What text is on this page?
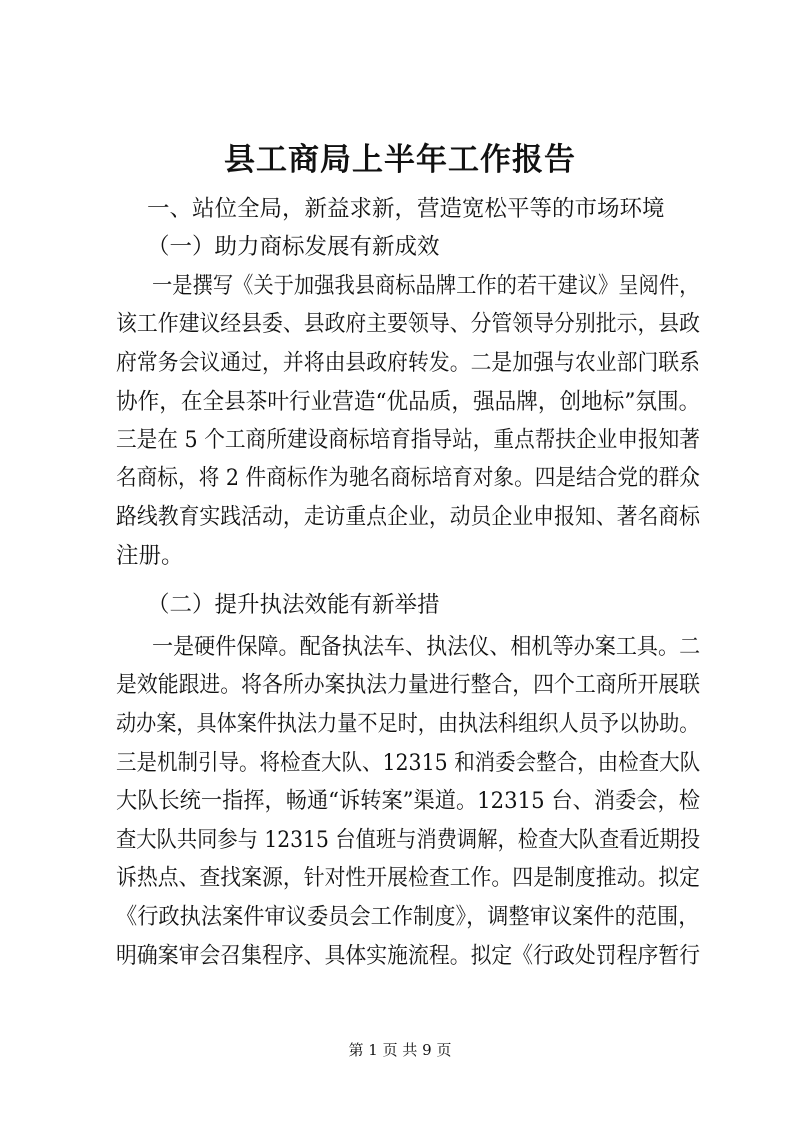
县工商局上半年工作报告
一、站位全局，新益求新，营造宽松平等的市场环境
（一）助力商标发展有新成效
一是撰写《关于加强我县商标品牌工作的若干建议》呈阅件，
该工作建议经县委、县政府主要领导、分管领导分别批示，县政
府常务会议通过，并将由县政府转发。二是加强与农业部门联系
协作，在全县茶叶行业营造“优品质，强品牌，创地标”氛围。
三是在 5 个工商所建设商标培育指导站，重点帮扶企业申报知著
名商标，将 2 件商标作为驰名商标培育对象。四是结合党的群众
路线教育实践活动，走访重点企业，动员企业申报知、著名商标
注册。
（二）提升执法效能有新举措
一是硬件保障。配备执法车、执法仪、相机等办案工具。二
是效能跟进。将各所办案执法力量进行整合，四个工商所开展联
动办案，具体案件执法力量不足时，由执法科组织人员予以协助。
三是机制引导。将检查大队、12315 和消委会整合，由检查大队
大队长统一指挥，畅通“诉转案”渠道。12315 台、消委会，检
查大队共同参与 12315 台值班与消费调解，检查大队查看近期投
诉热点、查找案源，针对性开展检查工作。四是制度推动。拟定
《行政执法案件审议委员会工作制度》，调整审议案件的范围，
明确案审会召集程序、具体实施流程。拟定《行政处罚程序暂行
第 1 页 共 9 页
